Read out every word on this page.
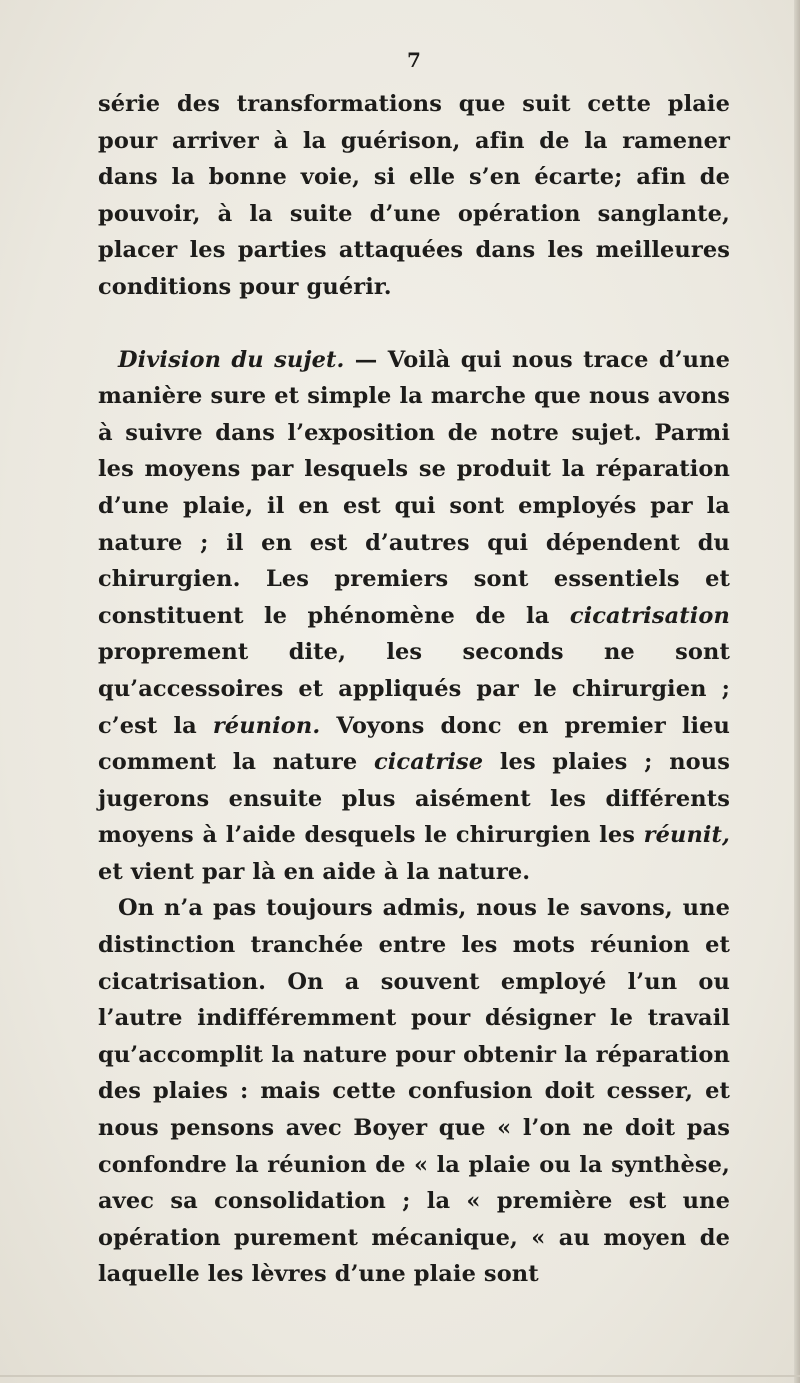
7

série des transformations que suit cette plaie pour arriver à la guérison, afin de la ramener dans la bonne voie, si elle s’en écarte; afin de pouvoir, à la suite d’une opération sanglante, placer les parties attaquées dans les meilleures conditions pour guérir.

Division du sujet. — Voilà qui nous trace d’une manière sure et simple la marche que nous avons à suivre dans l’exposition de notre sujet. Parmi les moyens par lesquels se produit la réparation d’une plaie, il en est qui sont employés par la nature ; il en est d’autres qui dépendent du chirurgien. Les premiers sont essentiels et constituent le phénomène de la cicatrisation proprement dite, les seconds ne sont qu’accessoires et appliqués par le chirurgien ; c’est la réunion. Voyons donc en premier lieu comment la nature cicatrise les plaies ; nous jugerons ensuite plus aisément les différents moyens à l’aide desquels le chirurgien les réunit, et vient par là en aide à la nature.

On n’a pas toujours admis, nous le savons, une distinction tranchée entre les mots réunion et cicatrisation. On a souvent employé l’un ou l’autre indifféremment pour désigner le travail qu’accomplit la nature pour obtenir la réparation des plaies : mais cette confusion doit cesser, et nous pensons avec Boyer que « l’on ne doit pas confondre la réunion de « la plaie ou la synthèse, avec sa consolidation ; la « première est une opération purement mécanique, « au moyen de laquelle les lèvres d’une plaie sont
